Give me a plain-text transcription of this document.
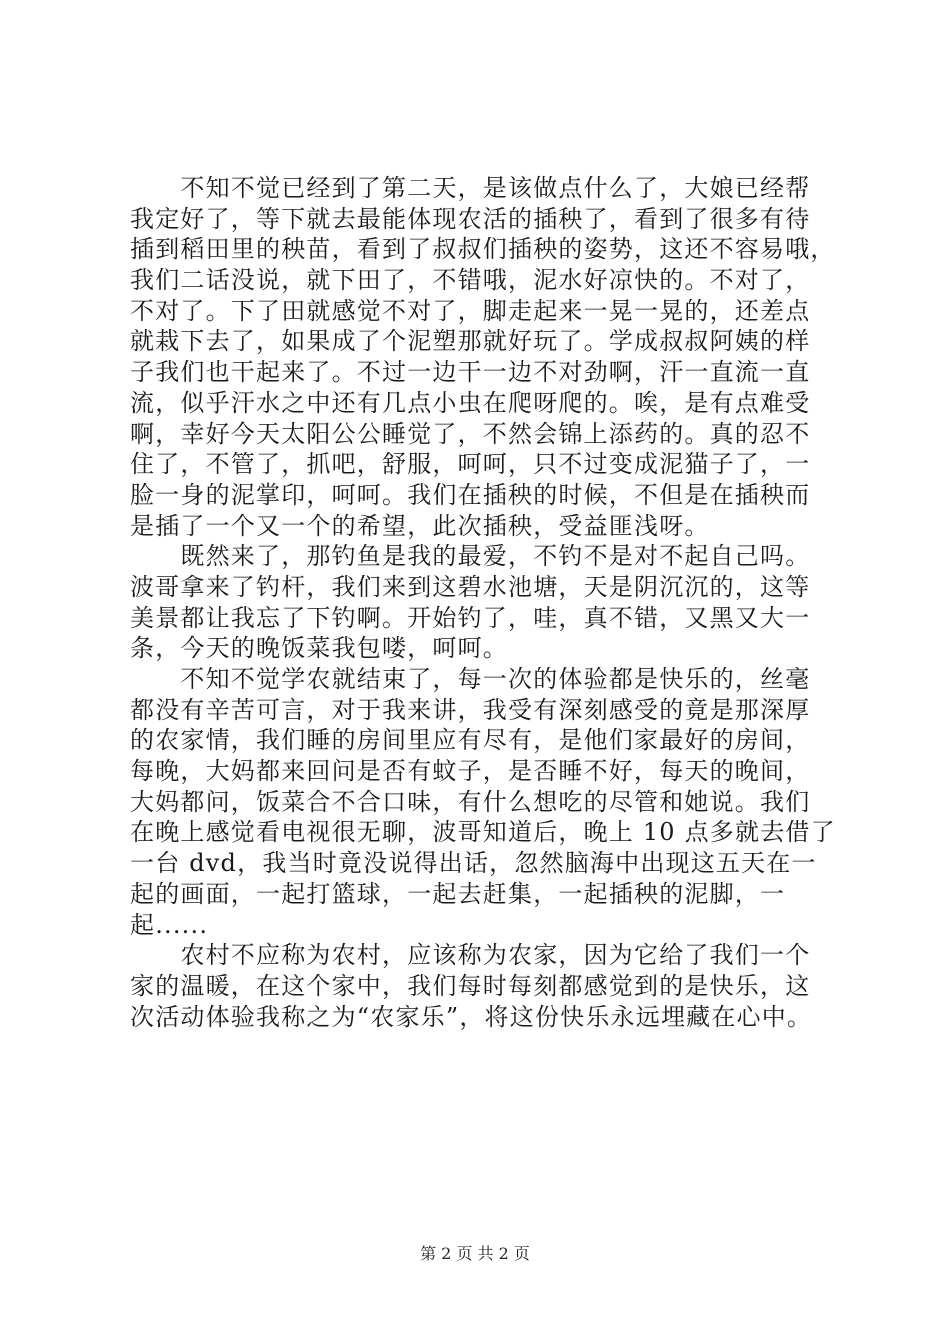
　　不知不觉已经到了第二天，是该做点什么了，大娘已经帮
我定好了，等下就去最能体现农活的插秧了，看到了很多有待
插到稻田里的秧苗，看到了叔叔们插秧的姿势，这还不容易哦，
我们二话没说，就下田了，不错哦，泥水好凉快的。不对了，
不对了。下了田就感觉不对了，脚走起来一晃一晃的，还差点
就栽下去了，如果成了个泥塑那就好玩了。学成叔叔阿姨的样
子我们也干起来了。不过一边干一边不对劲啊，汗一直流一直
流，似乎汗水之中还有几点小虫在爬呀爬的。唉，是有点难受
啊，幸好今天太阳公公睡觉了，不然会锦上添药的。真的忍不
住了，不管了，抓吧，舒服，呵呵，只不过变成泥猫子了，一
脸一身的泥掌印，呵呵。我们在插秧的时候，不但是在插秧而
是插了一个又一个的希望，此次插秧，受益匪浅呀。
　　既然来了，那钓鱼是我的最爱，不钓不是对不起自己吗。
波哥拿来了钓杆，我们来到这碧水池塘，天是阴沉沉的，这等
美景都让我忘了下钓啊。开始钓了，哇，真不错，又黑又大一
条，今天的晚饭菜我包喽，呵呵。
　　不知不觉学农就结束了，每一次的体验都是快乐的，丝毫
都没有辛苦可言，对于我来讲，我受有深刻感受的竟是那深厚
的农家情，我们睡的房间里应有尽有，是他们家最好的房间，
每晚，大妈都来回问是否有蚊子，是否睡不好，每天的晚间，
大妈都问，饭菜合不合口味，有什么想吃的尽管和她说。我们
在晚上感觉看电视很无聊，波哥知道后，晚上 10 点多就去借了
一台 dvd，我当时竟没说得出话，忽然脑海中出现这五天在一
起的画面，一起打篮球，一起去赶集，一起插秧的泥脚，一
起......
　　农村不应称为农村，应该称为农家，因为它给了我们一个
家的温暖，在这个家中，我们每时每刻都感觉到的是快乐，这
次活动体验我称之为“农家乐”，将这份快乐永远埋藏在心中。
第 2 页 共 2 页
